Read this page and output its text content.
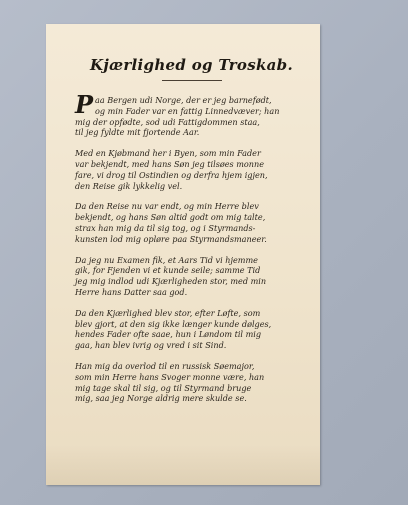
Kjærlighed og Troskab.
P aa Bergen udi Norge, der er jeg barnefødt,
og min Fader var en fattig Linnedvæver; han
mig der opfødte, sod udi Fattigdommen staa,
til jeg fyldte mit fjortende Aar.
Med en Kjøbmand her i Byen, som min Fader
var bekjendt, med hans Søn jeg tilsøes monne
fare, vi drog til Ostindien og derfra hjem igjen,
den Reise gik lykkelig vel.
Da den Reise nu var endt, og min Herre blev
bekjendt, og hans Søn altid godt om mig talte,
strax han mig da til sig tog, og i Styrmands-
kunsten lod mig opløre paa Styrmandsmaneer.
Da jeg nu Examen fik, et Aars Tid vi hjemme
gik, for Fjenden vi et kunde seile; samme Tid
jeg mig indlod udi Kjærligheden stor, med min
Herre hans Datter saa god.
Da den Kjærlighed blev stor, efter Løfte, som
blev gjort, at den sig ikke længer kunde dølges,
hendes Fader ofte saae, hun i Løndom til mig
gaa, han blev ivrig og vred i sit Sind.
Han mig da overlod til en russisk Søemajor,
som min Herre hans Svoger monne være, han
mig tage skal til sig, og til Styrmand bruge
mig, saa jeg Norge aldrig mere skulde se.
